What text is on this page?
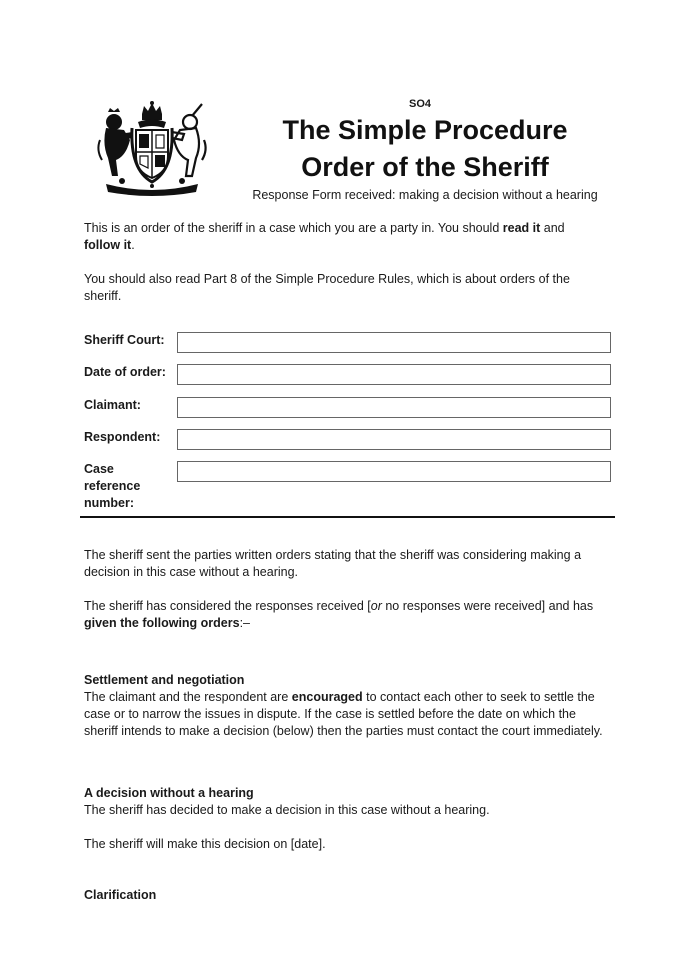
SO4
The Simple Procedure
Order of the Sheriff
Response Form received: making a decision without a hearing

This is an order of the sheriff in a case which you are a party in. You should read it and follow it.

You should also read Part 8 of the Simple Procedure Rules, which is about orders of the sheriff.

Sheriff Court:
Date of order:
Claimant:
Respondent:
Case reference number:

The sheriff sent the parties written orders stating that the sheriff was considering making a decision in this case without a hearing.

The sheriff has considered the responses received [or no responses were received] and has given the following orders:–

Settlement and negotiation

The claimant and the respondent are encouraged to contact each other to seek to settle the case or to narrow the issues in dispute. If the case is settled before the date on which the sheriff intends to make a decision (below) then the parties must contact the court immediately.

A decision without a hearing
The sheriff has decided to make a decision in this case without a hearing.
The sheriff will make this decision on [date].
Clarification
